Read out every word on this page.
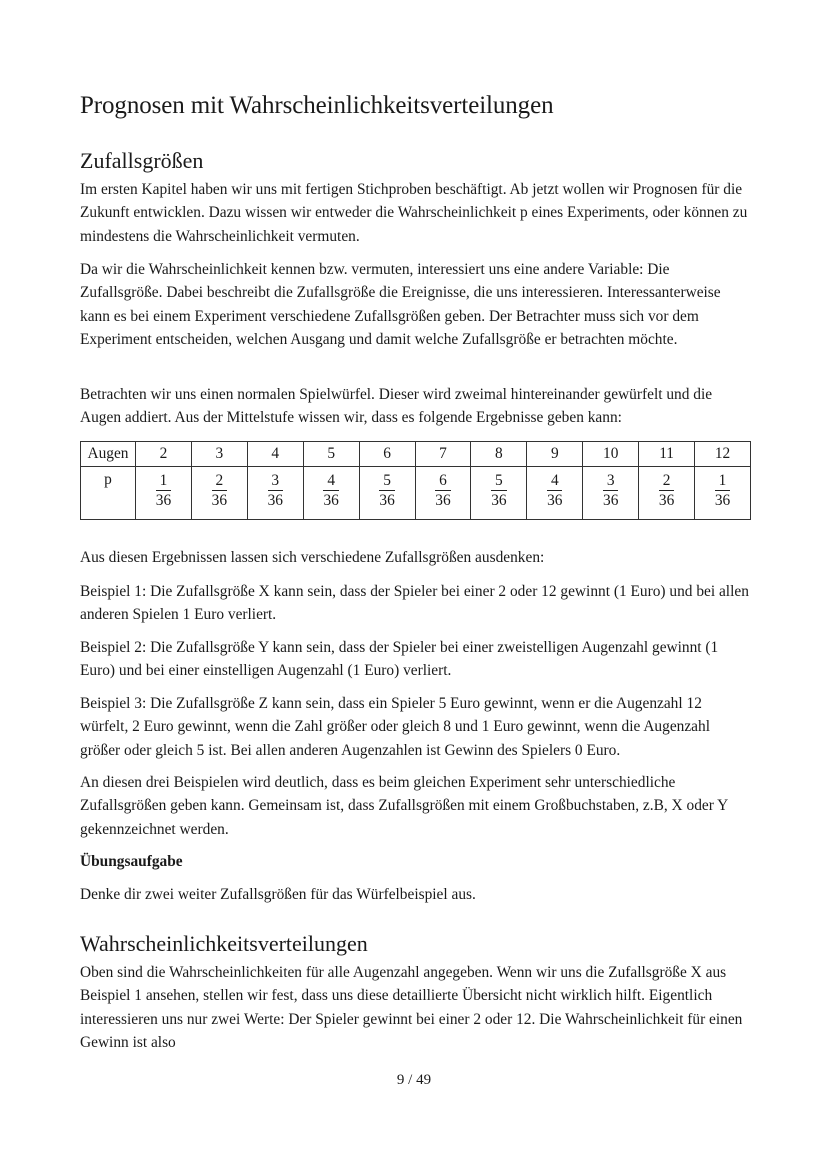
Prognosen mit Wahrscheinlichkeitsverteilungen
Zufallsgrößen

Im ersten Kapitel haben wir uns mit fertigen Stichproben beschäftigt. Ab jetzt wollen wir Prognosen für die Zukunft entwicklen. Dazu wissen wir entweder die Wahrscheinlichkeit p eines Experiments, oder können zu mindestens die Wahrscheinlichkeit vermuten.

Da wir die Wahrscheinlichkeit kennen bzw. vermuten, interessiert uns eine andere Variable: Die Zufallsgröße. Dabei beschreibt die Zufallsgröße die Ereignisse, die uns interessieren. Interessanterweise kann es bei einem Experiment verschiedene Zufallsgrößen geben. Der Betrachter muss sich vor dem Experiment entscheiden, welchen Ausgang und damit welche Zufallsgröße er betrachten möchte.

Betrachten wir uns einen normalen Spielwürfel. Dieser wird zweimal hintereinander gewürfelt und die Augen addiert. Aus der Mittelstufe wissen wir, dass es folgende Ergebnisse geben kann:

Augen	2	3	4	5	6	7	8	9	10	11	12
p	$\frac{1}{36}$	$\frac{2}{36}$	$\frac{3}{36}$	$\frac{4}{36}$	$\frac{5}{36}$	$\frac{6}{36}$	$\frac{5}{36}$	$\frac{4}{36}$	$\frac{3}{36}$	$\frac{2}{36}$	$\frac{1}{36}$

Aus diesen Ergebnissen lassen sich verschiedene Zufallsgrößen ausdenken:

Beispiel 1: Die Zufallsgröße X kann sein, dass der Spieler bei einer 2 oder 12 gewinnt (1 Euro) und bei allen anderen Spielen 1 Euro verliert.

Beispiel 2: Die Zufallsgröße Y kann sein, dass der Spieler bei einer zweistelligen Augenzahl gewinnt (1 Euro) und bei einer einstelligen Augenzahl (1 Euro) verliert.

Beispiel 3: Die Zufallsgröße Z kann sein, dass ein Spieler 5 Euro gewinnt, wenn er die Augenzahl 12 würfelt, 2 Euro gewinnt, wenn die Zahl größer oder gleich 8 und 1 Euro gewinnt, wenn die Augenzahl größer oder gleich 5 ist. Bei allen anderen Augenzahlen ist Gewinn des Spielers 0 Euro.

An diesen drei Beispielen wird deutlich, dass es beim gleichen Experiment sehr unterschiedliche Zufallsgrößen geben kann. Gemeinsam ist, dass Zufallsgrößen mit einem Großbuchstaben, z.B, X oder Y gekennzeichnet werden.

Übungsaufgabe

Denke dir zwei weiter Zufallsgrößen für das Würfelbeispiel aus.

Wahrscheinlichkeitsverteilungen

Oben sind die Wahrscheinlichkeiten für alle Augenzahl angegeben. Wenn wir uns die Zufallsgröße X aus Beispiel 1 ansehen, stellen wir fest, dass uns diese detaillierte Übersicht nicht wirklich hilft. Eigentlich interessieren uns nur zwei Werte: Der Spieler gewinnt bei einer 2 oder 12. Die Wahrscheinlichkeit für einen Gewinn ist also

9 / 49
